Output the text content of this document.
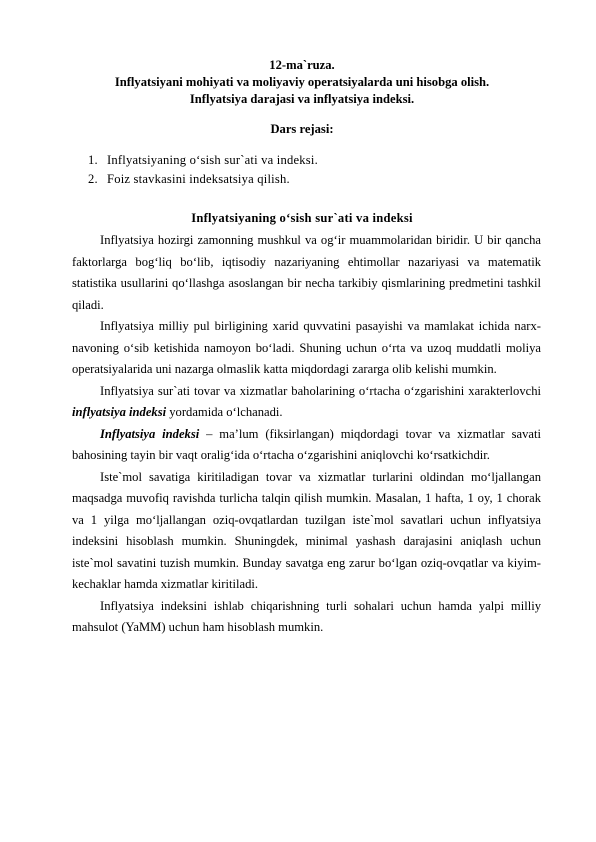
12-ma`ruza.
Inflyatsiyani mohiyati va moliyaviy operatsiyalarda uni hisobga olish.
Inflyatsiya darajasi va inflyatsiya indeksi.
Dars rejasi:
1. Inflyatsiyaning o‘sish sur`ati va indeksi.
2. Foiz stavkasini indeksatsiya qilish.
Inflyatsiyaning o‘sish sur`ati va indeksi

Inflyatsiya hozirgi zamonning mushkul va og‘ir muammolaridan biridir. U bir qancha faktorlarga bog‘liq bo‘lib, iqtisodiy nazariyaning ehtimollar nazariyasi va matematik statistika usullarini qo‘llashga asoslangan bir necha tarkibiy qismlarining predmetini tashkil qiladi.

Inflyatsiya milliy pul birligining xarid quvvatini pasayishi va mamlakat ichida narx-navoning o‘sib ketishida namoyon bo‘ladi. Shuning uchun o‘rta va uzoq muddatli moliya operatsiyalarida uni nazarga olmaslik katta miqdordagi zararga olib kelishi mumkin.

Inflyatsiya sur`ati tovar va xizmatlar baholarining o‘rtacha o‘zgarishini xarakterlovchi inflyatsiya indeksi yordamida o‘lchanadi.

Inflyatsiya indeksi – ma’lum (fiksirlangan) miqdordagi tovar va xizmatlar savati bahosining tayin bir vaqt oralig‘ida o‘rtacha o‘zgarishini aniqlovchi ko‘rsatkichdir.

Iste`mol savatiga kiritiladigan tovar va xizmatlar turlarini oldindan mo‘ljallangan maqsadga muvofiq ravishda turlicha talqin qilish mumkin. Masalan, 1 hafta, 1 oy, 1 chorak va 1 yilga mo‘ljallangan oziq-ovqatlardan tuzilgan iste`mol savatlari uchun inflyatsiya indeksini hisoblash mumkin. Shuningdek, minimal yashash darajasini aniqlash uchun iste`mol savatini tuzish mumkin. Bunday savatga eng zarur bo‘lgan oziq-ovqatlar va kiyim-kechaklar hamda xizmatlar kiritiladi.

Inflyatsiya indeksini ishlab chiqarishning turli sohalari uchun hamda yalpi milliy mahsulot (YaMM) uchun ham hisoblash mumkin.
